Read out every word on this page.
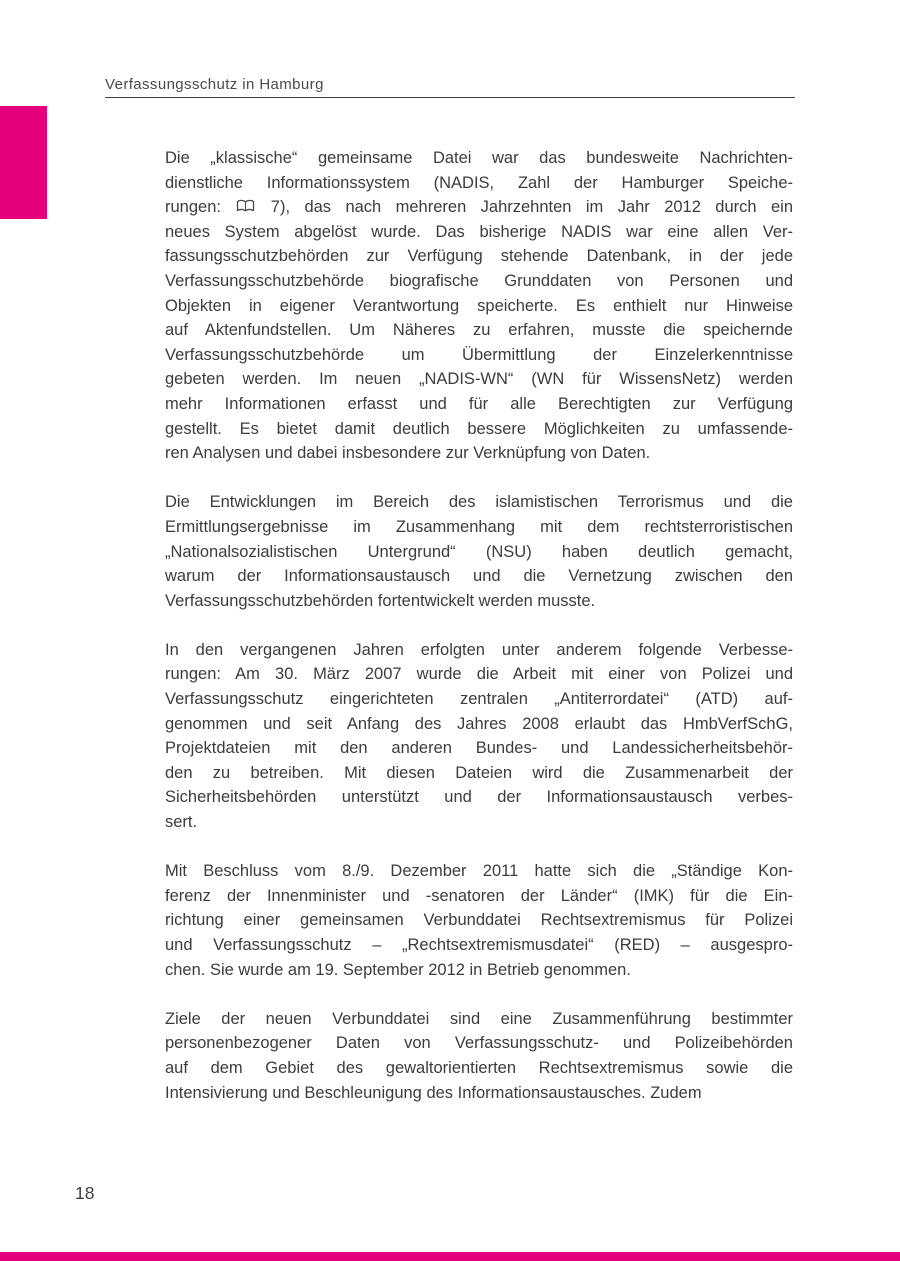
Verfassungsschutz in Hamburg
Die „klassische“ gemeinsame Datei war das bundesweite Nachrichten-
dienstliche Informationssystem (NADIS, Zahl der Hamburger Speiche-
rungen:
7), das nach mehreren Jahrzehnten im Jahr 2012 durch ein
neues System abgelöst wurde. Das bisherige NADIS war eine allen Ver-
fassungsschutzbehörden zur Verfügung stehende Datenbank, in der jede
Verfassungsschutzbehörde biografische Grunddaten von Personen und
Objekten in eigener Verantwortung speicherte. Es enthielt nur Hinweise
auf Aktenfundstellen. Um Näheres zu erfahren, musste die speichernde
Verfassungsschutzbehörde um Übermittlung der Einzelerkenntnisse
gebeten werden. Im neuen „NADIS-WN“ (WN für WissensNetz) werden
mehr Informationen erfasst und für alle Berechtigten zur Verfügung
gestellt. Es bietet damit deutlich bessere Möglichkeiten zu umfassende-
ren Analysen und dabei insbesondere zur Verknüpfung von Daten.
Die Entwicklungen im Bereich des islamistischen Terrorismus und die
Ermittlungsergebnisse im Zusammenhang mit dem rechtsterroristischen
„Nationalsozialistischen Untergrund“ (NSU) haben deutlich gemacht,
warum der Informationsaustausch und die Vernetzung zwischen den
Verfassungsschutzbehörden fortentwickelt werden musste.
In den vergangenen Jahren erfolgten unter anderem folgende Verbesse-
rungen: Am 30. März 2007 wurde die Arbeit mit einer von Polizei und
Verfassungsschutz eingerichteten zentralen „Antiterrordatei“ (ATD) auf-
genommen und seit Anfang des Jahres 2008 erlaubt das HmbVerfSchG,
Projektdateien mit den anderen Bundes- und Landessicherheitsbehör-
den zu betreiben. Mit diesen Dateien wird die Zusammenarbeit der
Sicherheitsbehörden unterstützt und der Informationsaustausch verbes-
sert.
Mit Beschluss vom 8./9. Dezember 2011 hatte sich die „Ständige Kon-
ferenz der Innenminister und -senatoren der Länder“ (IMK) für die Ein-
richtung einer gemeinsamen Verbunddatei Rechtsextremismus für Polizei
und Verfassungsschutz – „Rechtsextremismusdatei“ (RED) – ausgespro-
chen. Sie wurde am 19. September 2012 in Betrieb genommen.
Ziele der neuen Verbunddatei sind eine Zusammenführung bestimmter
personenbezogener Daten von Verfassungsschutz- und Polizeibehörden
auf dem Gebiet des gewaltorientierten Rechtsextremismus sowie die
Intensivierung und Beschleunigung des Informationsaustausches. Zudem
18
